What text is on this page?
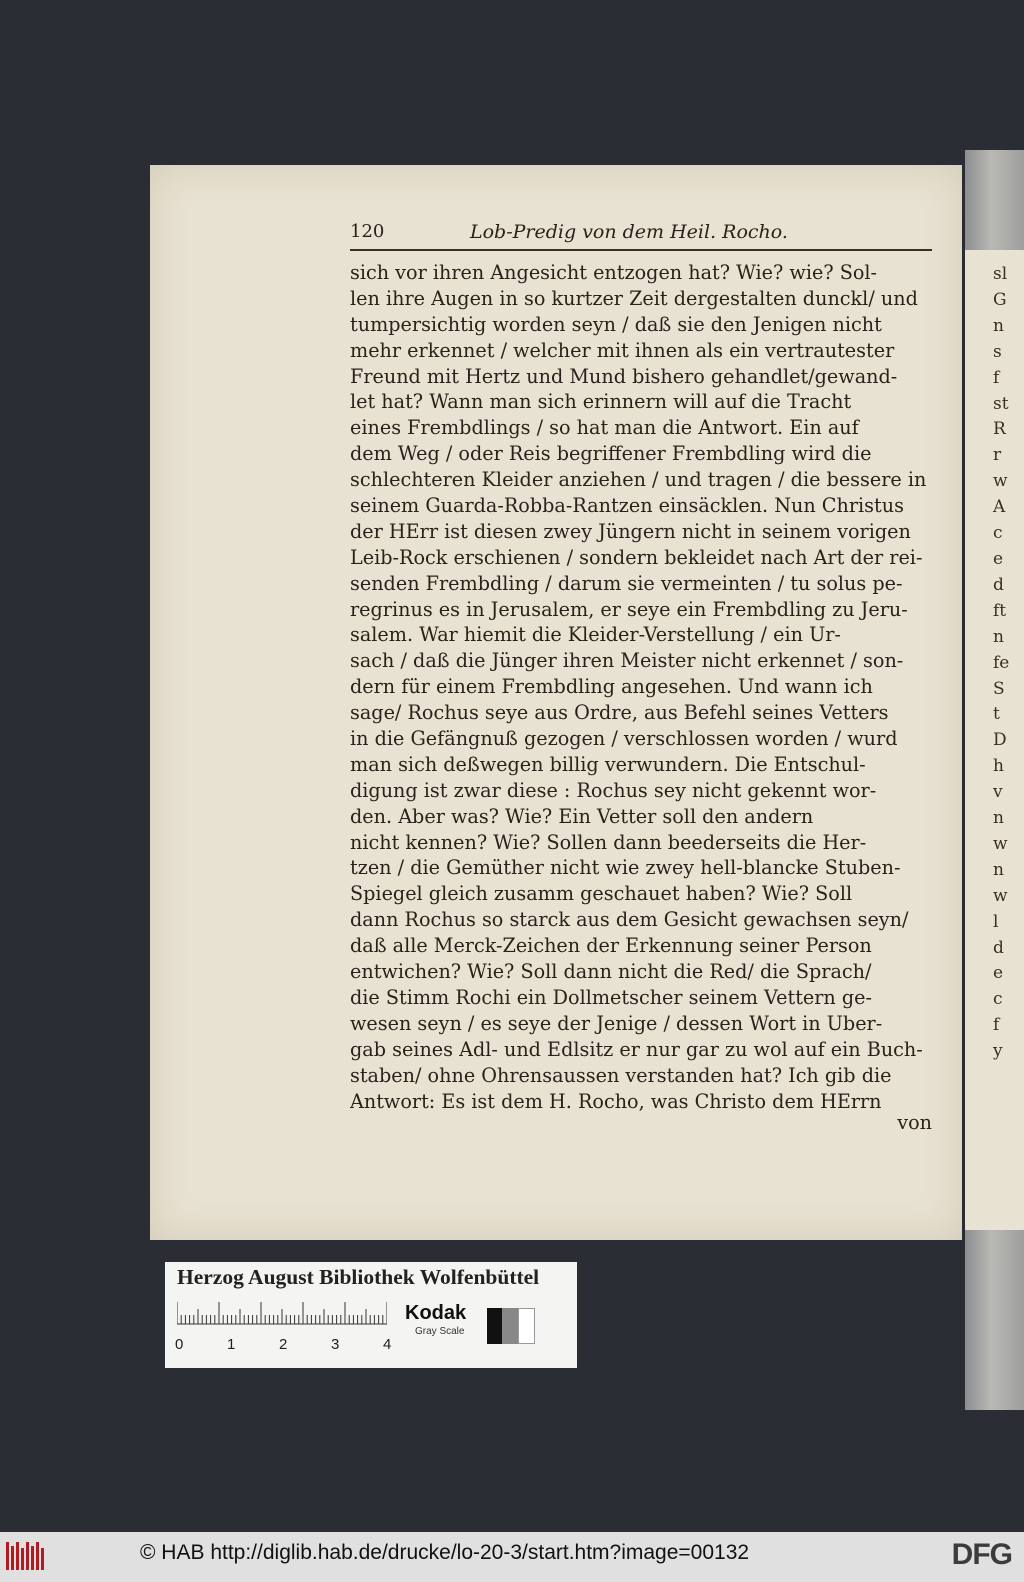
sl
G
n
s
f
st
R
r
w
A
c
e
d
ft
n
fe
S
t
D
h
v
n
w
n
w
l
d
e
c
f
y
120	Lob-Predig von dem Heil. Rocho.
sich vor ihren Angesicht entzogen hat? Wie? wie? Sol-
len ihre Augen in so kurtzer Zeit dergestalten dunckl/ und
tumpersichtig worden seyn / daß sie den Jenigen nicht
mehr erkennet / welcher mit ihnen als ein vertrautester
Freund mit Hertz und Mund bishero gehandlet/gewand-
let hat? Wann man sich erinnern will auf die Tracht
eines Frembdlings / so hat man die Antwort. Ein auf
dem Weg / oder Reis begriffener Frembdling wird die
schlechteren Kleider anziehen / und tragen / die bessere in
seinem Guarda-Robba-Rantzen einsäcklen. Nun Christus
der HErr ist diesen zwey Jüngern nicht in seinem vorigen
Leib-Rock erschienen / sondern bekleidet nach Art der rei-
senden Frembdling / darum sie vermeinten / tu solus pe-
regrinus es in Jerusalem, er seye ein Frembdling zu Jeru-
salem. War hiemit die Kleider-Verstellung / ein Ur-
sach / daß die Jünger ihren Meister nicht erkennet / son-
dern für einem Frembdling angesehen. Und wann ich
sage/ Rochus seye aus Ordre, aus Befehl seines Vetters
in die Gefängnuß gezogen / verschlossen worden / wurd
man sich deßwegen billig verwundern. Die Entschul-
digung ist zwar diese : Rochus sey nicht gekennt wor-
den. Aber was? Wie? Ein Vetter soll den andern
nicht kennen? Wie? Sollen dann beederseits die Her-
tzen / die Gemüther nicht wie zwey hell-blancke Stuben-
Spiegel gleich zusamm geschauet haben? Wie? Soll
dann Rochus so starck aus dem Gesicht gewachsen seyn/
daß alle Merck-Zeichen der Erkennung seiner Person
entwichen? Wie? Soll dann nicht die Red/ die Sprach/
die Stimm Rochi ein Dollmetscher seinem Vettern ge-
wesen seyn / es seye der Jenige / dessen Wort in Uber-
gab seines Adl- und Edlsitz er nur gar zu wol auf ein Buch-
staben/ ohne Ohrensaussen verstanden hat? Ich gib die
Antwort: Es ist dem H. Rocho, was Christo dem HErrn
von
Herzog August Bibliothek Wolfenbüttel
0	1	2	3	4
Kodak
Gray Scale
© HAB http://diglib.hab.de/drucke/lo-20-3/start.htm?image=00132	DFG
